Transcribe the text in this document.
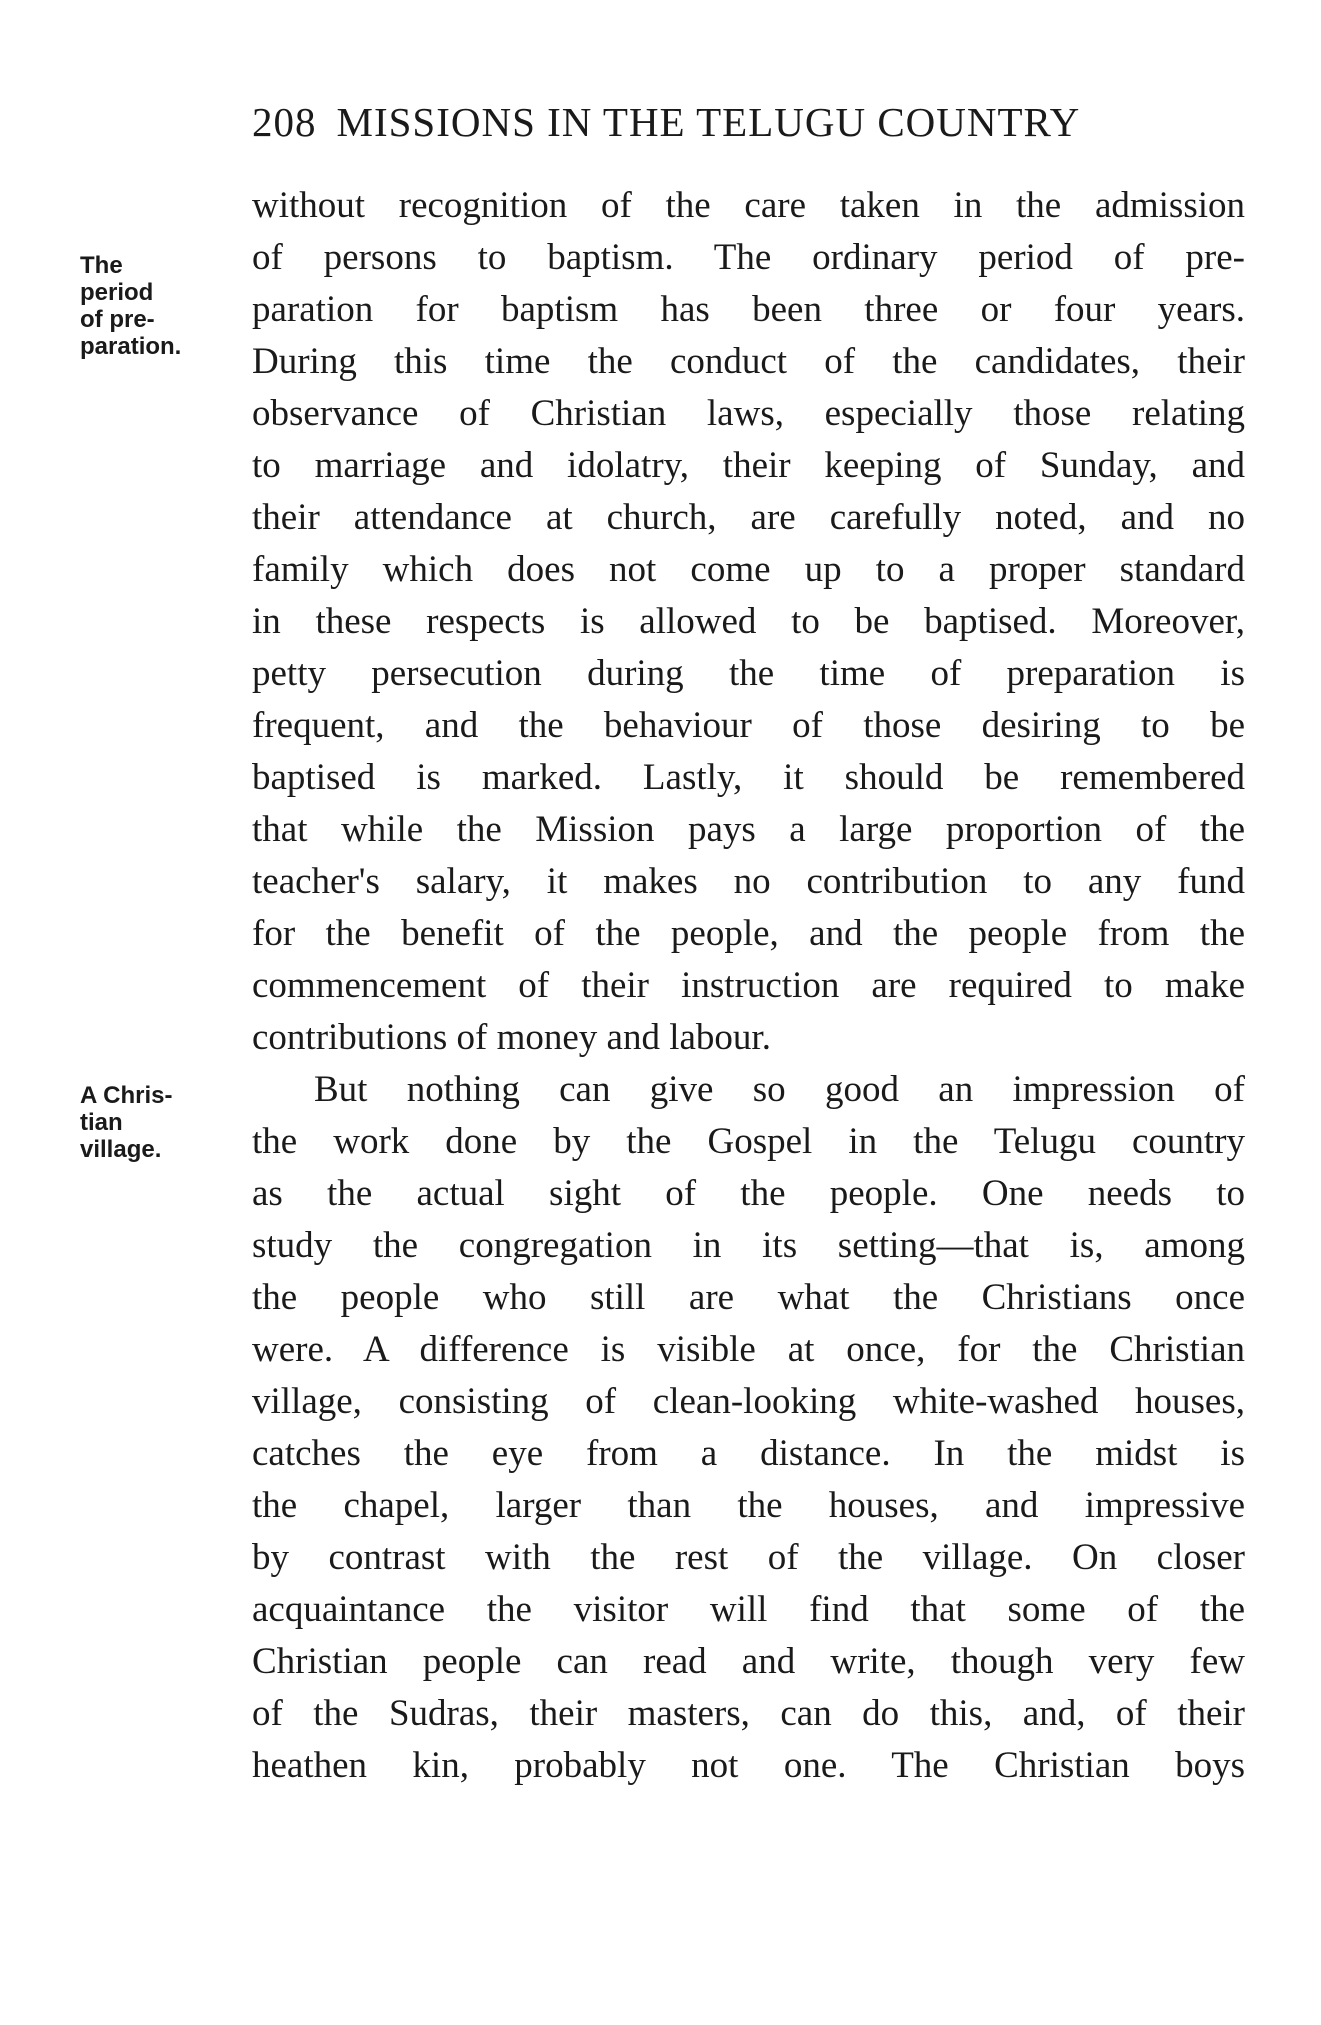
208 MISSIONS IN THE TELUGU COUNTRY
The
period
of pre-
paration.
A Chris-
tian
village.
without recognition of the care taken in the admission
of persons to baptism. The ordinary period of pre-
paration for baptism has been three or four years.
During this time the conduct of the candidates, their
observance of Christian laws, especially those relating
to marriage and idolatry, their keeping of Sunday, and
their attendance at church, are carefully noted, and no
family which does not come up to a proper standard
in these respects is allowed to be baptised. Moreover,
petty persecution during the time of preparation is
frequent, and the behaviour of those desiring to be
baptised is marked. Lastly, it should be remembered
that while the Mission pays a large proportion of the
teacher's salary, it makes no contribution to any fund
for the benefit of the people, and the people from the
commencement of their instruction are required to make
contributions of money and labour.
But nothing can give so good an impression of
the work done by the Gospel in the Telugu country
as the actual sight of the people. One needs to
study the congregation in its setting—that is, among
the people who still are what the Christians once
were. A difference is visible at once, for the Christian
village, consisting of clean-looking white-washed houses,
catches the eye from a distance. In the midst is
the chapel, larger than the houses, and impressive
by contrast with the rest of the village. On closer
acquaintance the visitor will find that some of the
Christian people can read and write, though very few
of the Sudras, their masters, can do this, and, of their
heathen kin, probably not one. The Christian boys
